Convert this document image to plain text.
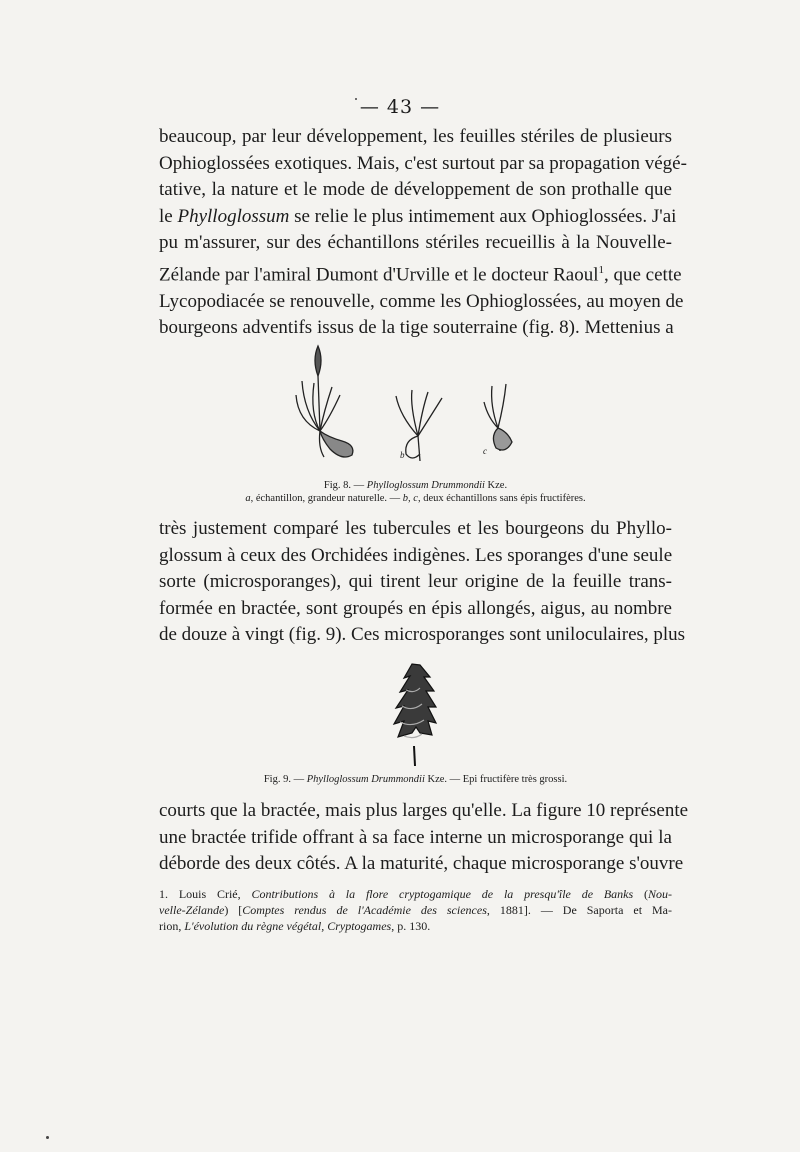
— 43 —
beaucoup, par leur développement, les feuilles stériles de plusieurs
Ophioglossées exotiques. Mais, c'est surtout par sa propagation végé-
tative, la nature et le mode de développement de son prothalle que
le Phylloglossum se relie le plus intimement aux Ophioglossées. J'ai
pu m'assurer, sur des échantillons stériles recueillis à la Nouvelle-
Zélande par l'amiral Dumont d'Urville et le docteur Raoul$^1$, que cette
Lycopodiacée se renouvelle, comme les Ophioglossées, au moyen de
bourgeons adventifs issus de la tige souterraine (fig. 8). Mettenius a
b	c
Fig. 8. — Phylloglossum Drummondii Kze.
a, échantillon, grandeur naturelle. — b, c, deux échantillons sans épis fructifères.
très justement comparé les tubercules et les bourgeons du Phyllo-
glossum à ceux des Orchidées indigènes. Les sporanges d'une seule
sorte (microsporanges), qui tirent leur origine de la feuille trans-
formée en bractée, sont groupés en épis allongés, aigus, au nombre
de douze à vingt (fig. 9). Ces microsporanges sont uniloculaires, plus
Fig. 9. — Phylloglossum Drummondii Kze. — Epi fructifère très grossi.
courts que la bractée, mais plus larges qu'elle. La figure 10 représente
une bractée trifide offrant à sa face interne un microsporange qui la
déborde des deux côtés. A la maturité, chaque microsporange s'ouvre
1. Louis Crié, Contributions à la flore cryptogamique de la presqu'île de Banks (Nou-
velle-Zélande) [Comptes rendus de l'Académie des sciences, 1881]. — De Saporta et Ma-
rion, L'évolution du règne végétal, Cryptogames, p. 130.
